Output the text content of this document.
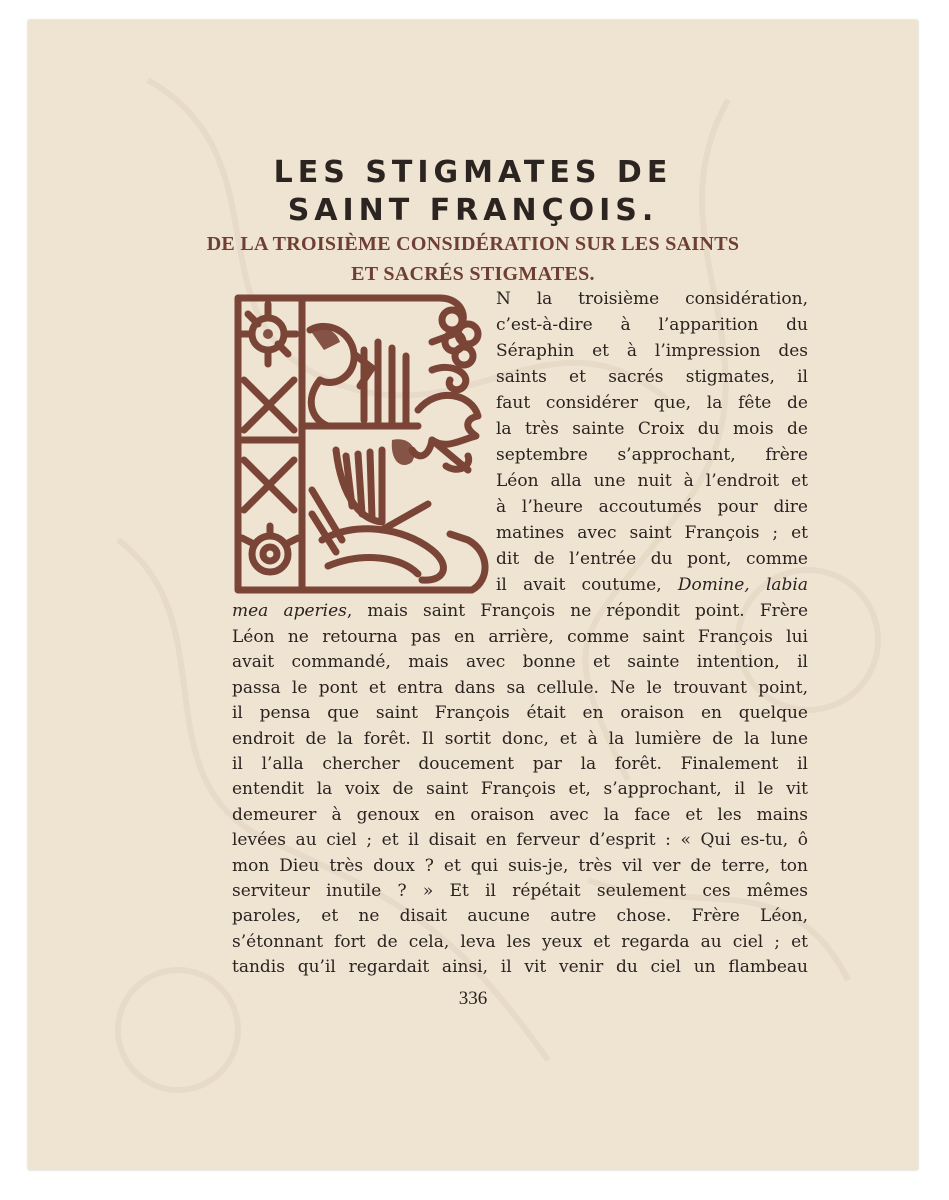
LES STIGMATES DE
SAINT FRANÇOIS.
DE LA TROISIÈME CONSIDÉRATION SUR LES SAINTS
ET SACRÉS STIGMATES.
N la troisième considération,
c’est-à-dire à l’apparition du
Séraphin et à l’impression des
saints et sacrés stigmates, il
faut considérer que, la fête de
la très sainte Croix du mois de
septembre s’approchant, frère
Léon alla une nuit à l’endroit et
à l’heure accoutumés pour dire
matines avec saint François ; et
dit de l’entrée du pont, comme
il avait coutume, Domine, labia
mea aperies, mais saint François ne répondit point. Frère
Léon ne retourna pas en arrière, comme saint François lui
avait commandé, mais avec bonne et sainte intention, il
passa le pont et entra dans sa cellule. Ne le trouvant point,
il pensa que saint François était en oraison en quelque
endroit de la forêt. Il sortit donc, et à la lumière de la lune
il l’alla chercher doucement par la forêt. Finalement il
entendit la voix de saint François et, s’approchant, il le vit
demeurer à genoux en oraison avec la face et les mains
levées au ciel ; et il disait en ferveur d’esprit : « Qui es-tu, ô
mon Dieu très doux ? et qui suis-je, très vil ver de terre, ton
serviteur inutile ? » Et il répétait seulement ces mêmes
paroles, et ne disait aucune autre chose. Frère Léon,
s’étonnant fort de cela, leva les yeux et regarda au ciel ; et
tandis qu’il regardait ainsi, il vit venir du ciel un flambeau
336
